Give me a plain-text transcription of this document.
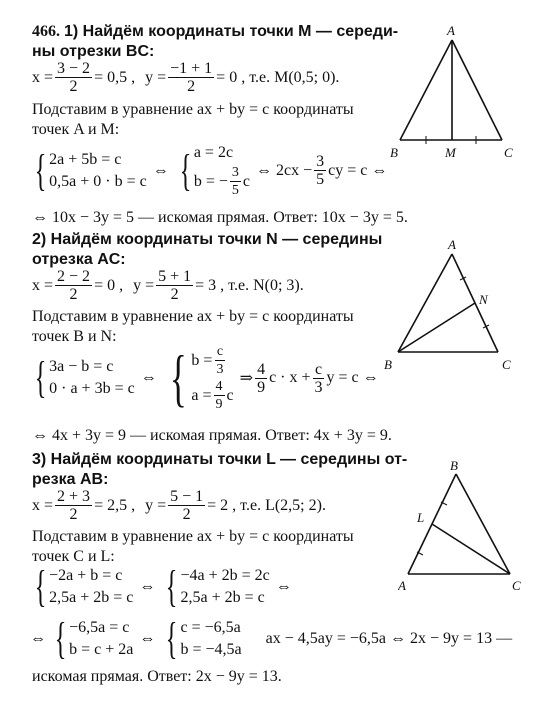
466. 1) Найдём координаты точки M — середи-
ны отрезки BC:
$x = \frac{3 - 2}{2} = 0,5$ , $y = \frac{-1 + 1}{2} = 0$ , т.е. M(0,5; 0).
Подставим в уравнение ax + by = c координаты
точек A и M:
{ 2a + 5b = c
0,5a + 0 · b = c
⇔ { a = 2c
b = − $\frac{3}{5}$ c
⇔ $2cx - \frac{3}{5}$ cy = c ⇔
⇔ 10x − 3y = 5 — искомая прямая. Ответ: 10x − 3y = 5.
A
B	M	C
2) Найдём координаты точки N — середины
отрезка AC:
$x = \frac{2 - 2}{2} = 0$ , $y = \frac{5 + 1}{2} = 3$ , т.е. N(0; 3).
Подставим в уравнение ax + by = c координаты
точек B и N:
{ 3a − b = c
0 · a + 3b = c
⇔ { $b = \frac{c}{3}$
$a = \frac{4}{9}$ c
⇒ $\frac{4}{9}$ $c \cdot x + \frac{c}{3}$ y = c ⇔
⇔ 4x + 3y = 9 — искомая прямая. Ответ: 4x + 3y = 9.
A
N
B	C
3) Найдём координаты точки L — середины от-
резка AB:
$x = \frac{2 + 3}{2} = 2,5$ , $y = \frac{5 - 1}{2} = 2$ , т.е. L(2,5; 2).
Подставим в уравнение ax + by = c координаты
точек C и L:
{ −2a + b = c
2,5a + 2b = c
⇔ { −4a + 2b = 2c
2,5a + 2b = c
⇔
⇔ { −6,5a = c
b = c + 2a
⇔ { c = −6,5a
b = −4,5a
ax − 4,5ay = −6,5a ⇔ 2x − 9y = 13 —
искомая прямая. Ответ: 2x − 9y = 13.
B
L
A	C
